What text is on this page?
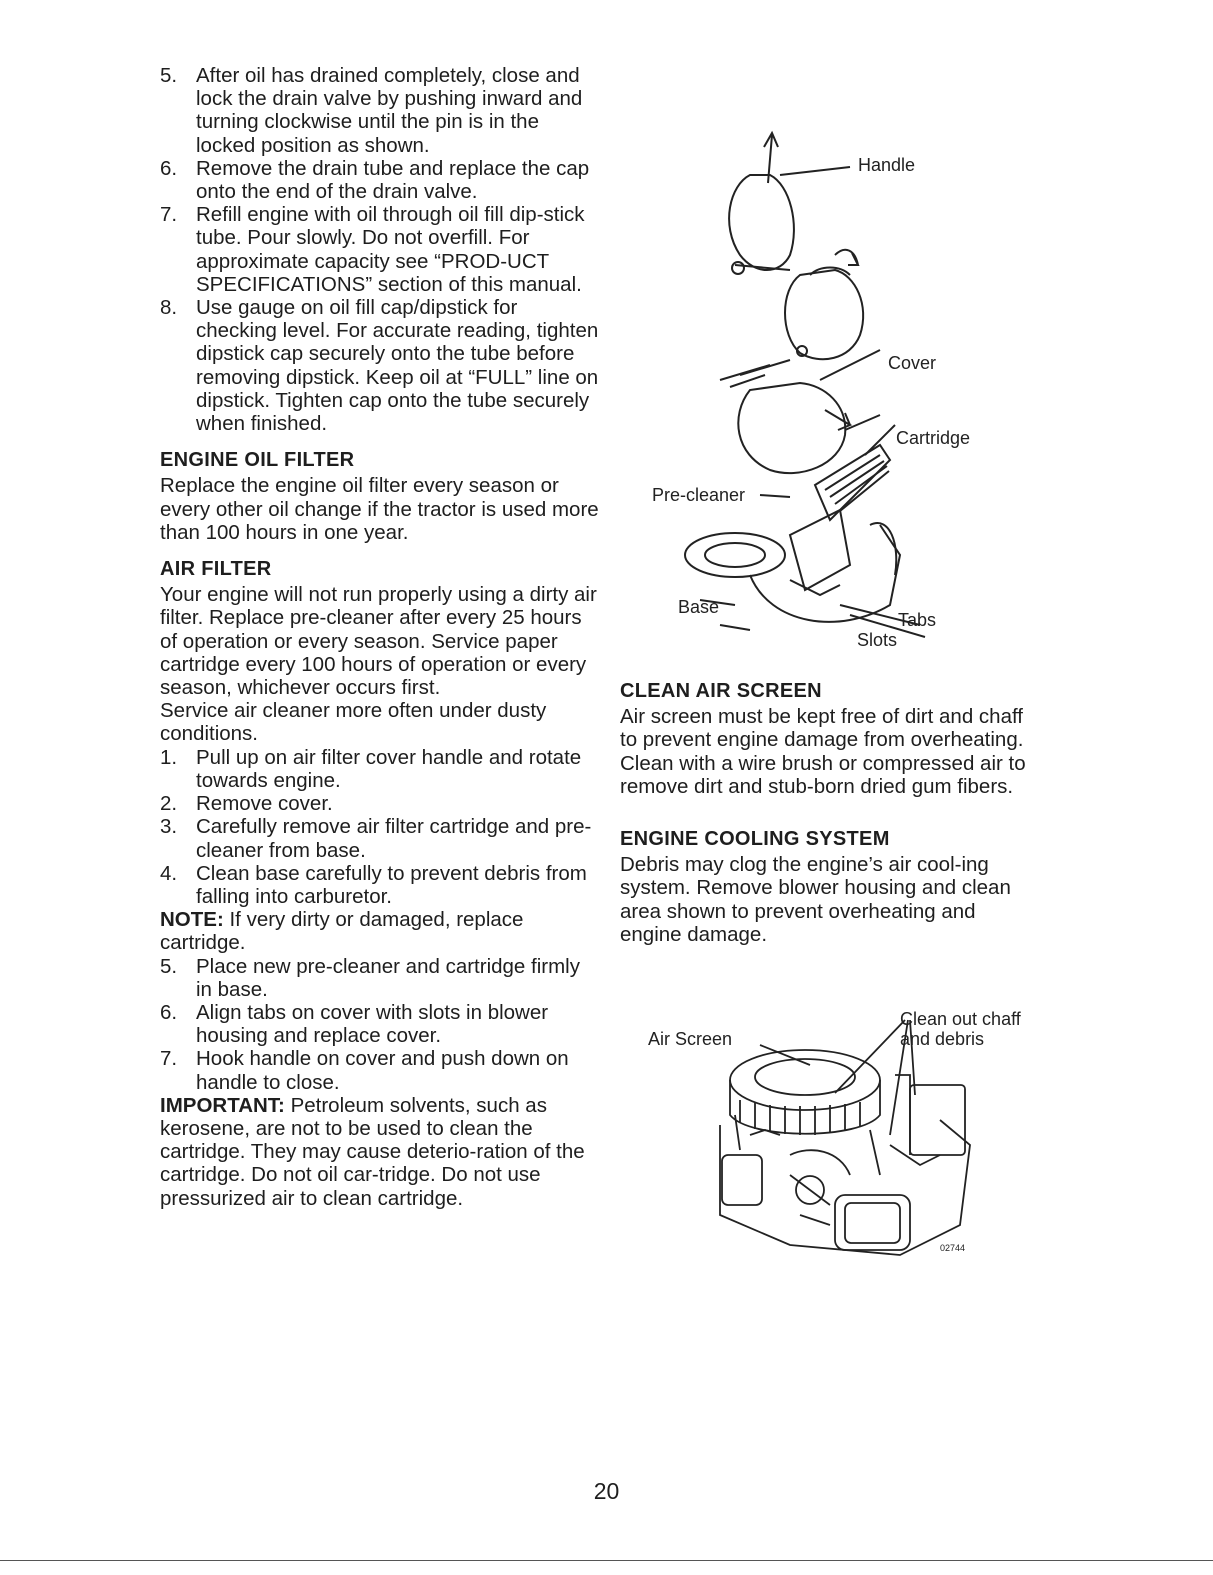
5. After oil has drained completely, close and lock the drain valve by pushing inward and turning clockwise until the pin is in the locked position as shown.
6. Remove the drain tube and replace the cap onto the end of the drain valve.
7. Refill engine with oil through oil fill dip-stick tube. Pour slowly. Do not overfill. For approximate capacity see “PROD-UCT SPECIFICATIONS” section of this manual.
8. Use gauge on oil fill cap/dipstick for checking level. For accurate reading, tighten dipstick cap securely onto the tube before removing dipstick. Keep oil at “FULL” line on dipstick. Tighten cap onto the tube securely when finished.
ENGINE OIL FILTER

Replace the engine oil filter every season or every other oil change if the tractor is used more than 100 hours in one year.

AIR FILTER

Your engine will not run properly using a dirty air filter. Replace pre-cleaner after every 25 hours of operation or every season. Service paper cartridge every 100 hours of operation or every season, whichever occurs first.

Service air cleaner more often under dusty conditions.

1. Pull up on air filter cover handle and rotate towards engine.
2. Remove cover.
3. Carefully remove air filter cartridge and pre-cleaner from base.
4. Clean base carefully to prevent debris from falling into carburetor.

NOTE: If very dirty or damaged, replace cartridge.

5. Place new pre-cleaner and cartridge firmly in base.
6. Align tabs on cover with slots in blower housing and replace cover.
7. Hook handle on cover and push down on handle to close.

IMPORTANT: Petroleum solvents, such as kerosene, are not to be used to clean the cartridge. They may cause deterio-ration of the cartridge. Do not oil car-tridge. Do not use pressurized air to clean cartridge.

Handle
Cover
Cartridge
Pre-cleaner
Base
Tabs
Slots
CLEAN AIR SCREEN

Air screen must be kept free of dirt and chaff to prevent engine damage from overheating. Clean with a wire brush or compressed air to remove dirt and stub-born dried gum fibers.

ENGINE COOLING SYSTEM

Debris may clog the engine’s air cool-ing system. Remove blower housing and clean area shown to prevent overheating and engine damage.

Air Screen
Clean out chaff
and debris
02744
20
